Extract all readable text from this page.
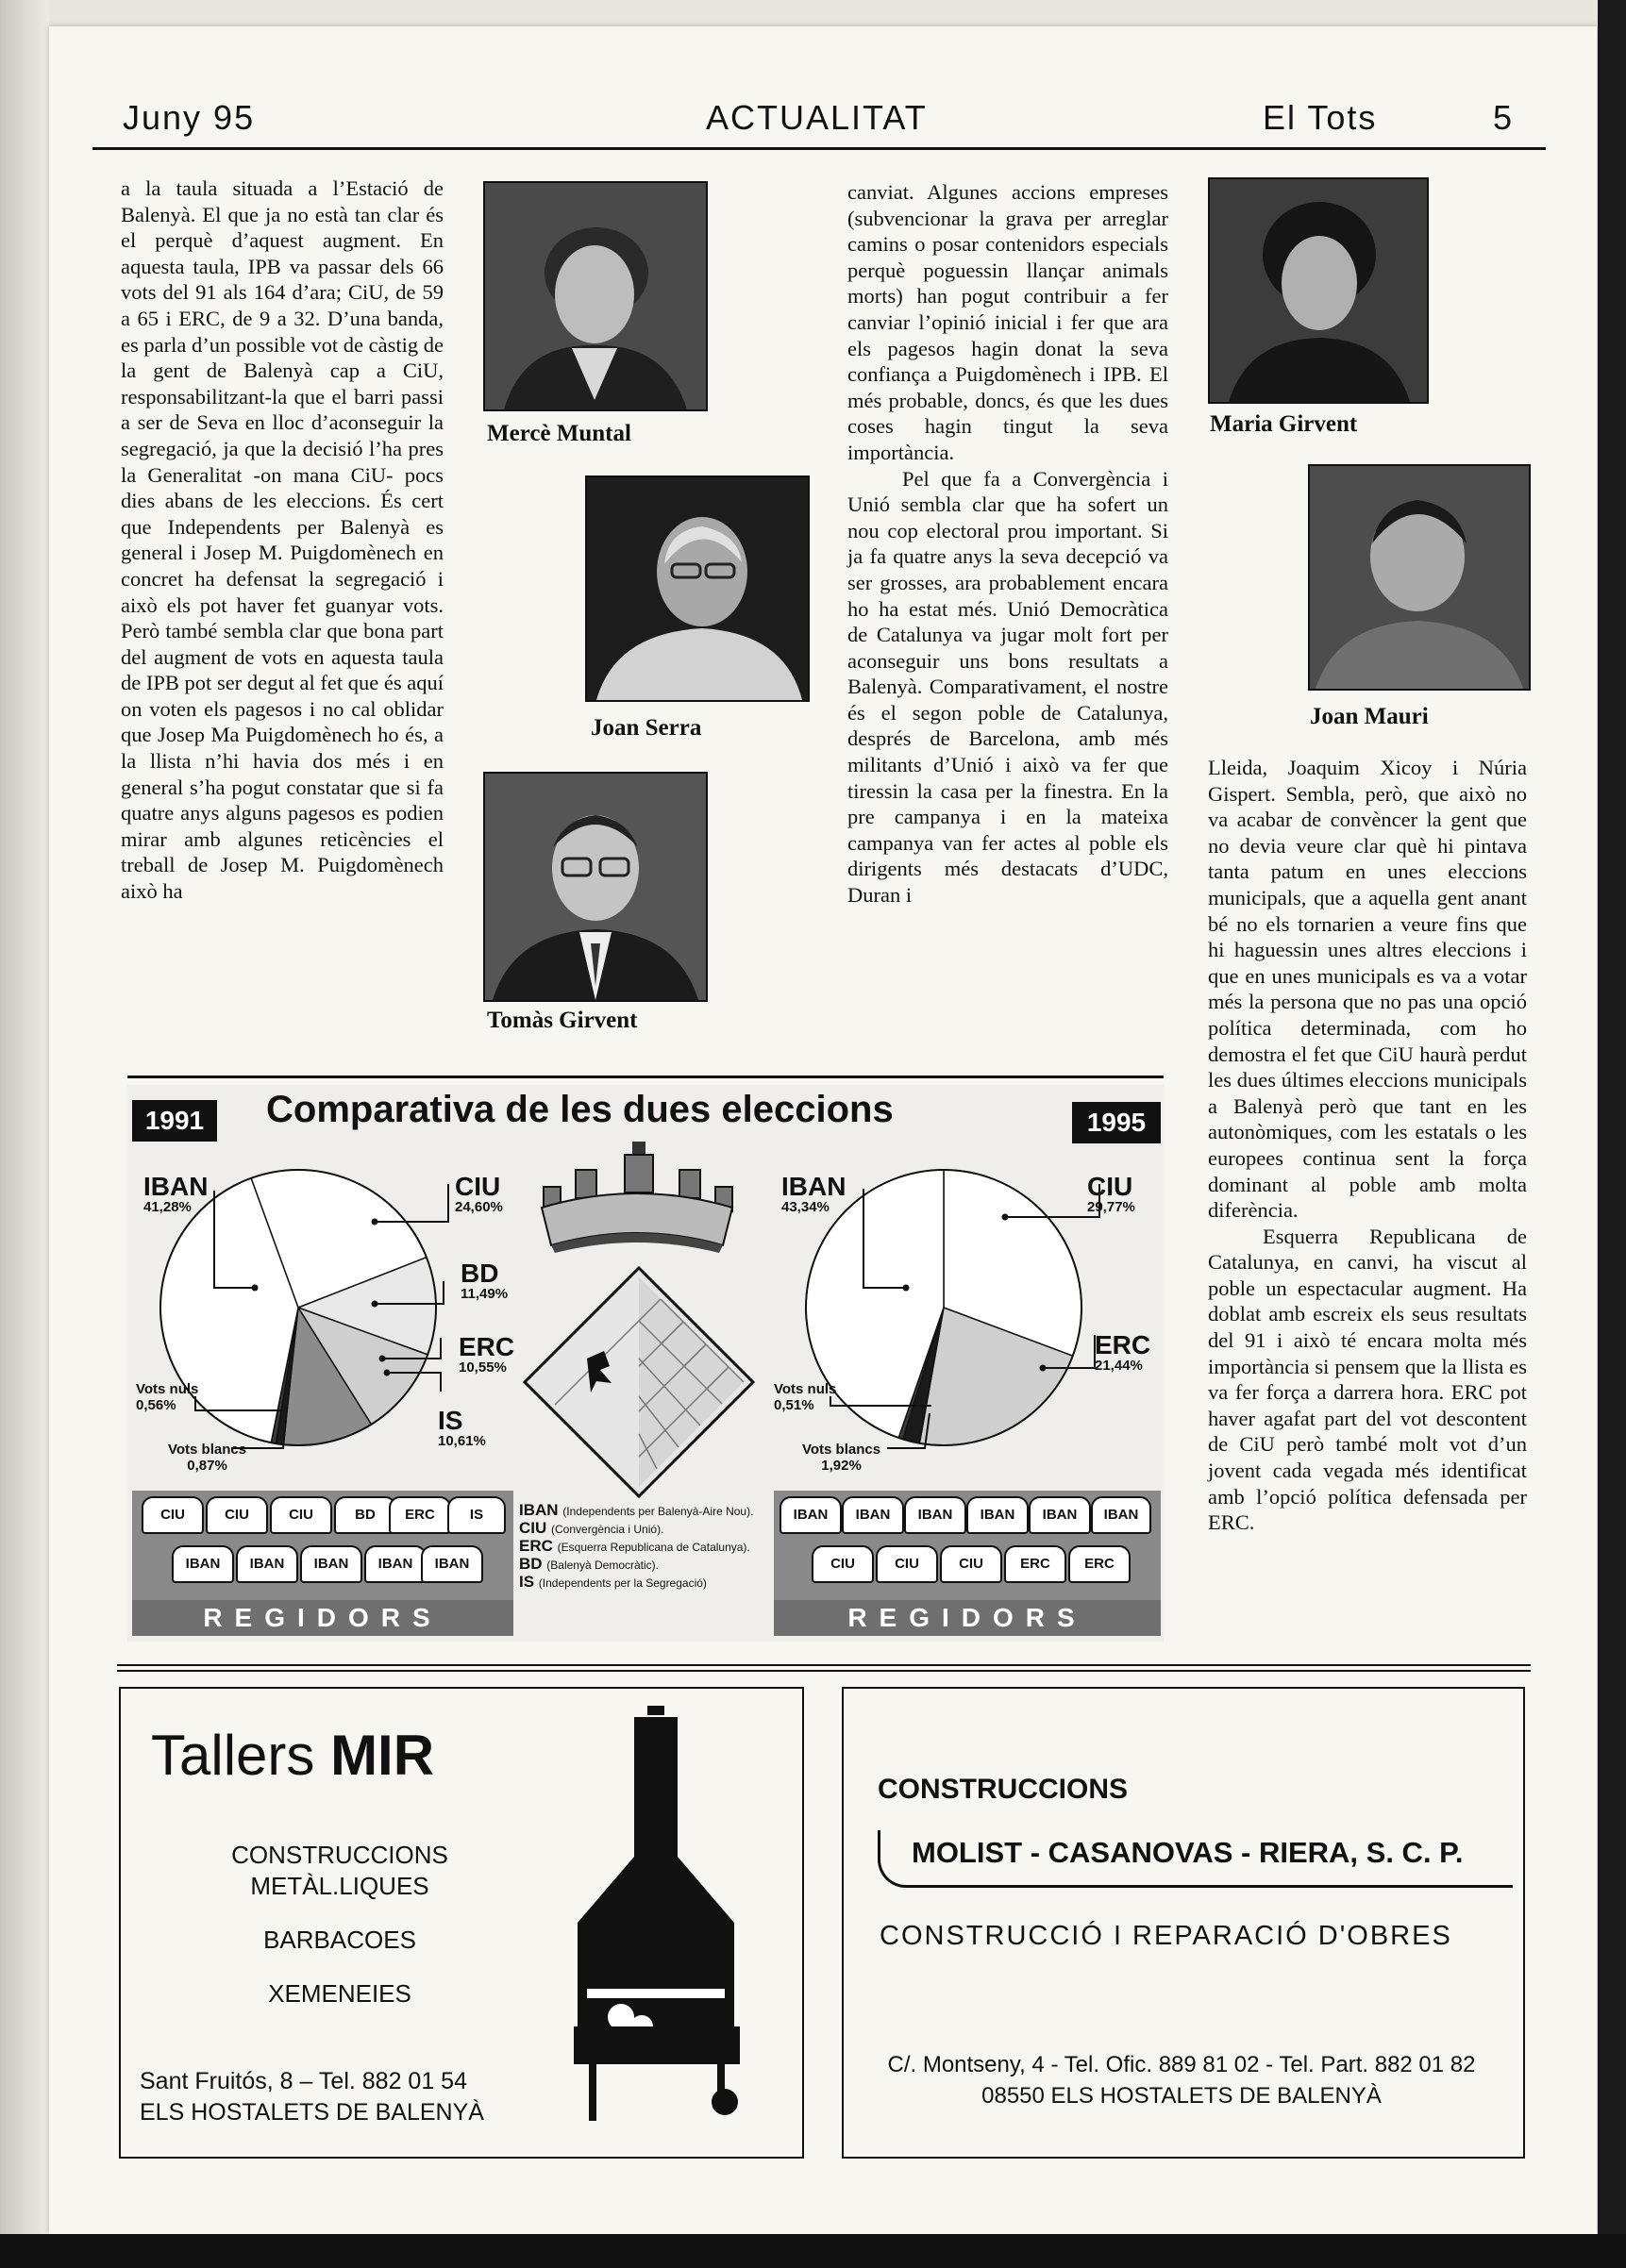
Juny 95	ACTUALITAT	El Tots	5

a la taula situada a l’Estació de Balenyà. El que ja no està tan clar és el perquè d’aquest augment. En aquesta taula, IPB va passar dels 66 vots del 91 als 164 d’ara; CiU, de 59 a 65 i ERC, de 9 a 32. D’una banda, es parla d’un possible vot de càstig de la gent de Balenyà cap a CiU, responsabilitzant-la que el barri passi a ser de Seva en lloc d’aconseguir la segregació, ja que la decisió l’ha pres la Generalitat -on mana CiU- pocs dies abans de les eleccions. És cert que Independents per Balenyà es general i Josep M. Puigdomènech en concret ha defensat la segregació i això els pot haver fet guanyar vots. Però també sembla clar que bona part del augment de vots en aquesta taula de IPB pot ser degut al fet que és aquí on voten els pagesos i no cal oblidar que Josep Ma Puigdomènech ho és, a la llista n’hi havia dos més i en general s’ha pogut constatar que si fa quatre anys alguns pagesos es podien mirar amb algunes reticències el treball de Josep M. Puigdomènech això ha

Mercè Muntal
Joan Serra
Tomàs Girvent

canviat. Algunes accions empreses (subvencionar la grava per arreglar camins o posar contenidors especials perquè poguessin llançar animals morts) han pogut contribuir a fer canviar l’opinió inicial i fer que ara els pagesos hagin donat la seva confiança a Puigdomènech i IPB. El més probable, doncs, és que les dues coses hagin tingut la seva importància.

Pel que fa a Convergència i Unió sembla clar que ha sofert un nou cop electoral prou important. Si ja fa quatre anys la seva decepció va ser grosses, ara probablement encara ho ha estat més. Unió Democràtica de Catalunya va jugar molt fort per aconseguir uns bons resultats a Balenyà. Comparativament, el nostre és el segon poble de Catalunya, després de Barcelona, amb més militants d’Unió i això va fer que tiressin la casa per la finestra. En la pre campanya i en la mateixa campanya van fer actes al poble els dirigents més destacats d’UDC, Duran i

Maria Girvent
Joan Mauri

Lleida, Joaquim Xicoy i Núria Gispert. Sembla, però, que això no va acabar de convèncer la gent que no devia veure clar què hi pintava tanta patum en unes eleccions municipals, que a aquella gent anant bé no els tornarien a veure fins que hi haguessin unes altres eleccions i que en unes municipals es va a votar més la persona que no pas una opció política determinada, com ho demostra el fet que CiU haurà perdut les dues últimes eleccions municipals a Balenyà però que tant en les autonòmiques, com les estatals o les europees continua sent la força dominant al poble amb molta diferència.

Esquerra Republicana de Catalunya, en canvi, ha viscut al poble un espectacular augment. Ha doblat amb escreix els seus resultats del 91 i això té encara molta més importància si pensem que la llista es va fer força a darrera hora. ERC pot haver agafat part del vot descontent de CiU però també molt vot d’un jovent cada vegada més identificat amb l’opció política defensada per ERC.

1991	1995
Comparativa de les dues eleccions
IBAN
41,28%
CIU
24,60%
BD
11,49%
ERC
10,55%
IS
10,61%
Vots nuls
0,56%
Vots blancs
0,87%
IBAN
43,34%
CIU
29,77%
ERC
21,44%
Vots nuls
0,51%
Vots blancs
1,92%
CIU	CIU	CIU	BD	ERC	IS
IBAN	IBAN	IBAN	IBAN	IBAN
REGIDORS
IBAN	IBAN	IBAN	IBAN	IBAN	IBAN
CIU	CIU	CIU	ERC	ERC
REGIDORS
IBAN (Independents per Balenyà-Aire Nou).
CIU (Convergència i Unió).
ERC (Esquerra Republicana de Catalunya).
BD (Balenyà Democràtic).
IS (Independents per la Segregació)
Tallers MIR
CONSTRUCCIONS
METÀL.LIQUES
BARBACOES
XEMENEIES
Sant Fruitós, 8 – Tel. 882 01 54
ELS HOSTALETS DE BALENYÀ
CONSTRUCCIONS
MOLIST - CASANOVAS - RIERA, S. C. P.
CONSTRUCCIÓ I REPARACIÓ D'OBRES
C/. Montseny, 4 - Tel. Ofic. 889 81 02 - Tel. Part. 882 01 82
08550 ELS HOSTALETS DE BALENYÀ
